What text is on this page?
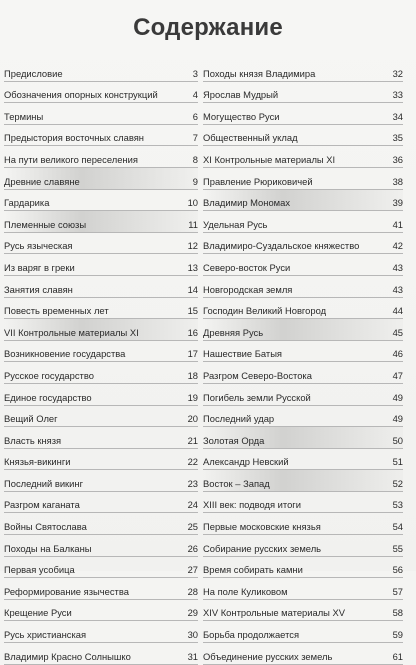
Содержание
Предисловие	3
Обозначения опорных конструкций	4
Термины	6
Предыстория восточных славян	7
На пути великого переселения	8
Древние славяне	9
Гардарика	10
Племенные союзы	11
Русь языческая	12
Из варяг в греки	13
Занятия славян	14
Повесть временных лет	15
VII Контрольные материалы XI	16
Возникновение государства	17
Русское государство	18
Единое государство	19
Вещий Олег	20
Власть князя	21
Князья-викинги	22
Последний викинг	23
Разгром каганата	24
Войны Святослава	25
Походы на Балканы	26
Первая усобица	27
Реформирование язычества	28
Крещение Руси	29
Русь христианская	30
Владимир Красно Солнышко	31
Походы князя Владимира	32
Ярослав Мудрый	33
Могущество Руси	34
Общественный уклад	35
XI Контрольные материалы XI	36
Правление Рюриковичей	38
Владимир Мономах	39
Удельная Русь	41
Владимиро-Суздальское княжество	42
Северо-восток Руси	43
Новгородская земля	43
Господин Великий Новгород	44
Древняя Русь	45
Нашествие Батыя	46
Разгром Северо-Востока	47
Погибель земли Русской	49
Последний удар	49
Золотая Орда	50
Александр Невский	51
Восток – Запад	52
XIII век: подводя итоги	53
Первые московские князья	54
Собирание русских земель	55
Время собирать камни	56
На поле Куликовом	57
XIV Контрольные материалы XV	58
Борьба продолжается	59
Объединение русских земель	61
